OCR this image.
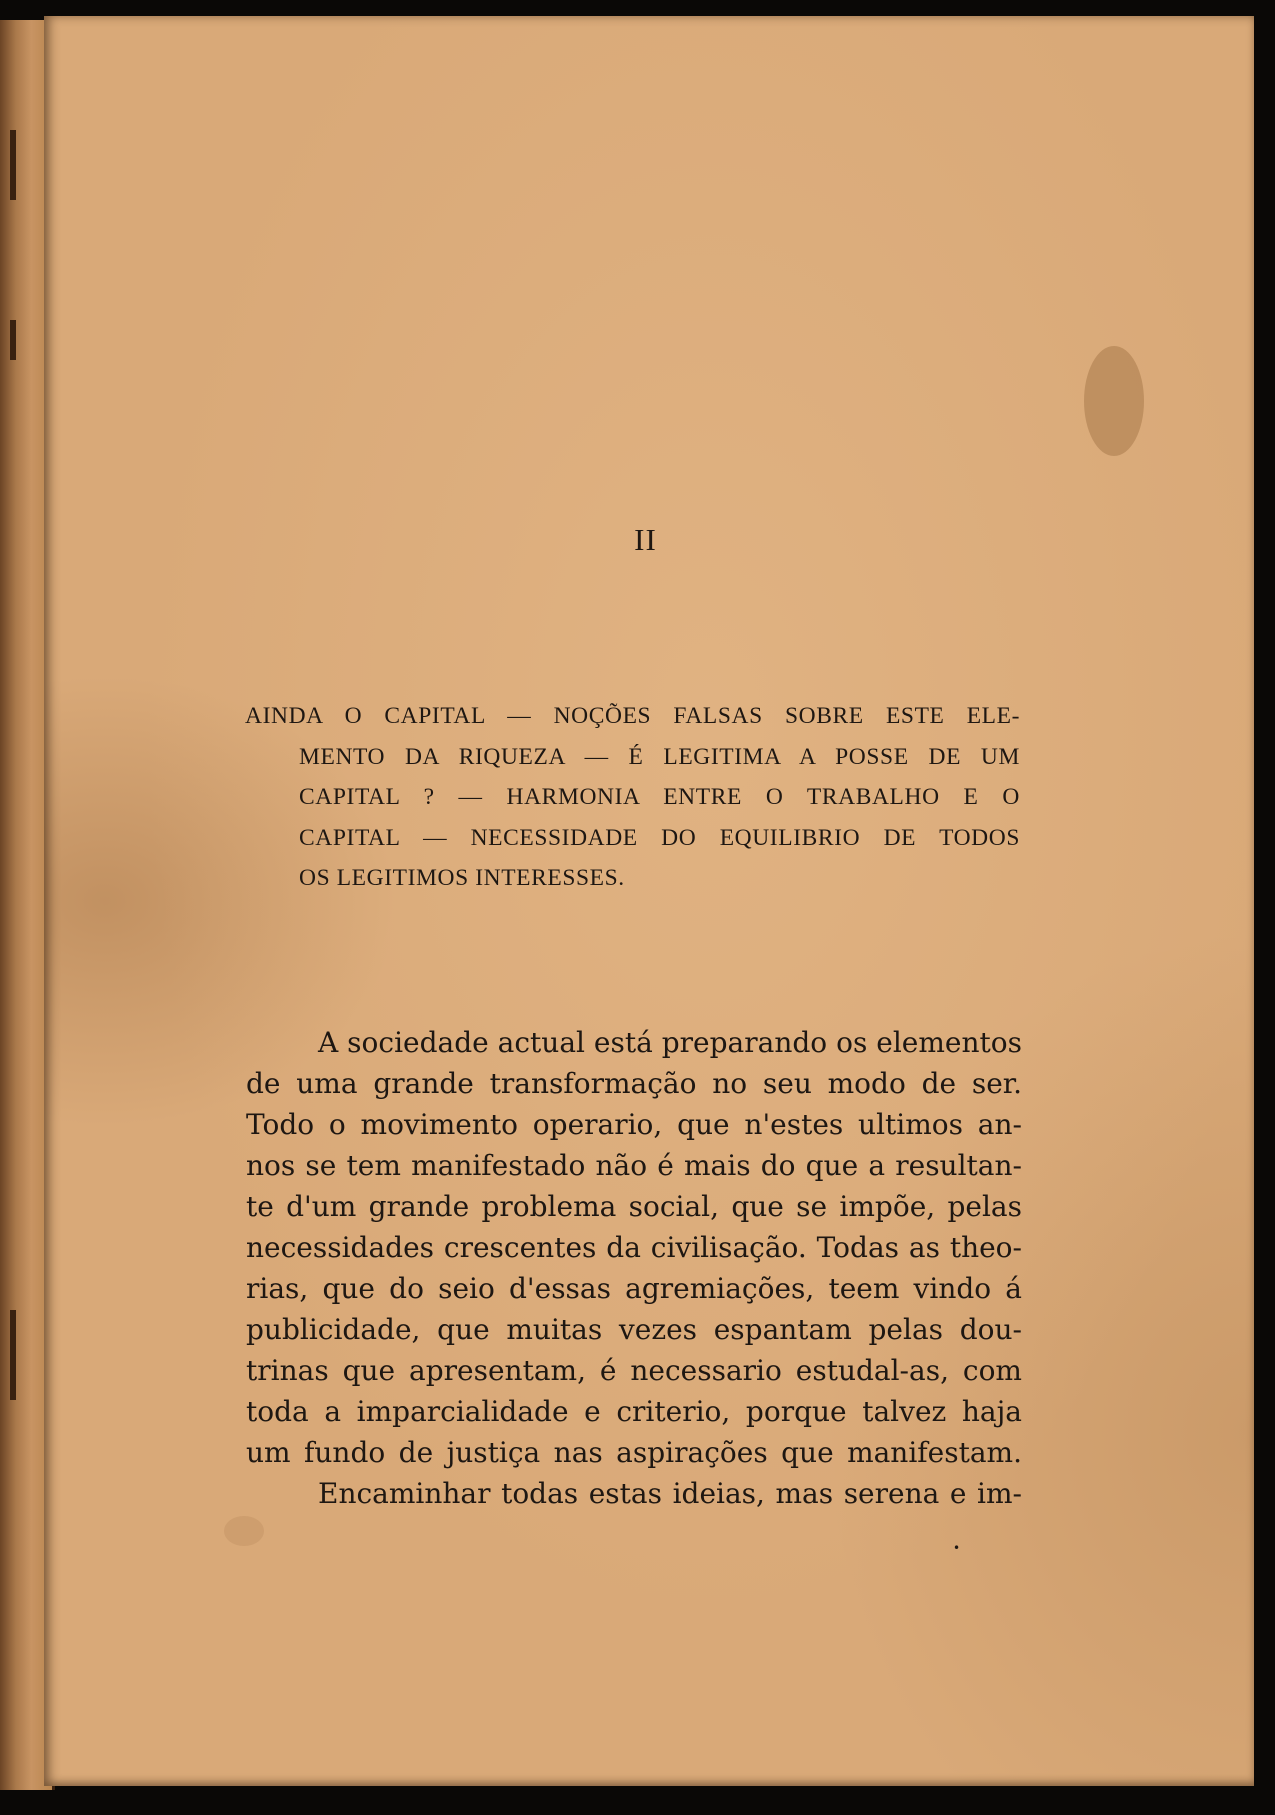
II
AINDA O CAPITAL — NOÇÕES FALSAS SOBRE ESTE ELE-
MENTO DA RIQUEZA — É LEGITIMA A POSSE DE UM
CAPITAL ? — HARMONIA ENTRE O TRABALHO E O
CAPITAL — NECESSIDADE DO EQUILIBRIO DE TODOS
OS LEGITIMOS INTERESSES.
A sociedade actual está preparando os elementos
de uma grande transformação no seu modo de ser.
Todo o movimento operario, que n'estes ultimos an-
nos se tem manifestado não é mais do que a resultan-
te d'um grande problema social, que se impõe, pelas
necessidades crescentes da civilisação. Todas as theo-
rias, que do seio d'essas agremiações, teem vindo á
publicidade, que muitas vezes espantam pelas dou-
trinas que apresentam, é necessario estudal-as, com
toda a imparcialidade e criterio, porque talvez haja
um fundo de justiça nas aspirações que manifestam.
Encaminhar todas estas ideias, mas serena e im-
•
